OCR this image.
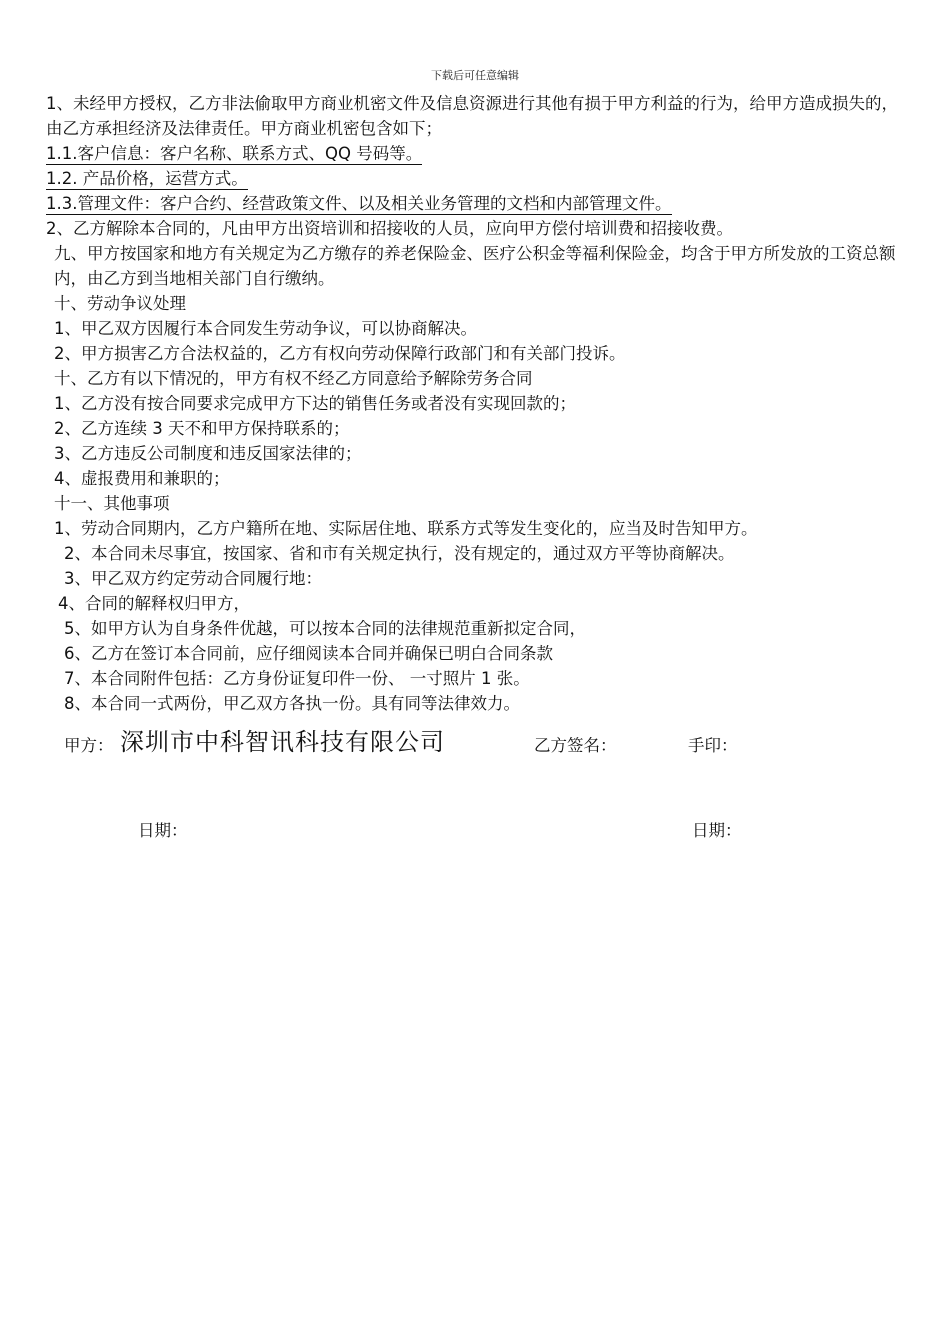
下载后可任意编辑
1、未经甲方授权，乙方非法偷取甲方商业机密文件及信息资源进行其他有损于甲方利益的行为，给甲方造成损失的，由乙方承担经济及法律责任。甲方商业机密包含如下；
1.1.客户信息：客户名称、联系方式、QQ 号码等。
1.2. 产品价格，运营方式。
1.3.管理文件：客户合约、经营政策文件、以及相关业务管理的文档和内部管理文件。
2、乙方解除本合同的，凡由甲方出资培训和招接收的人员，应向甲方偿付培训费和招接收费。
九、甲方按国家和地方有关规定为乙方缴存的养老保险金、医疗公积金等福利保险金，均含于甲方所发放的工资总额内，由乙方到当地相关部门自行缴纳。
十、劳动争议处理
1、甲乙双方因履行本合同发生劳动争议，可以协商解决。
2、甲方损害乙方合法权益的，乙方有权向劳动保障行政部门和有关部门投诉。
十、乙方有以下情况的，甲方有权不经乙方同意给予解除劳务合同
1、乙方没有按合同要求完成甲方下达的销售任务或者没有实现回款的；
2、乙方连续 3 天不和甲方保持联系的；
3、乙方违反公司制度和违反国家法律的；
4、虚报费用和兼职的；
十一、其他事项
1、劳动合同期内，乙方户籍所在地、实际居住地、联系方式等发生变化的，应当及时告知甲方。
2、本合同未尽事宜，按国家、省和市有关规定执行，没有规定的，通过双方平等协商解决。
3、甲乙双方约定劳动合同履行地：
4、合同的解释权归甲方，
5、如甲方认为自身条件优越，可以按本合同的法律规范重新拟定合同，
6、乙方在签订本合同前，应仔细阅读本合同并确保已明白合同条款
7、本合同附件包括：乙方身份证复印件一份、 一寸照片 1 张。
8、本合同一式两份，甲乙双方各执一份。具有同等法律效力。
甲方： 深圳市中科智讯科技有限公司	乙方签名：	手印：
日期：	日期：
